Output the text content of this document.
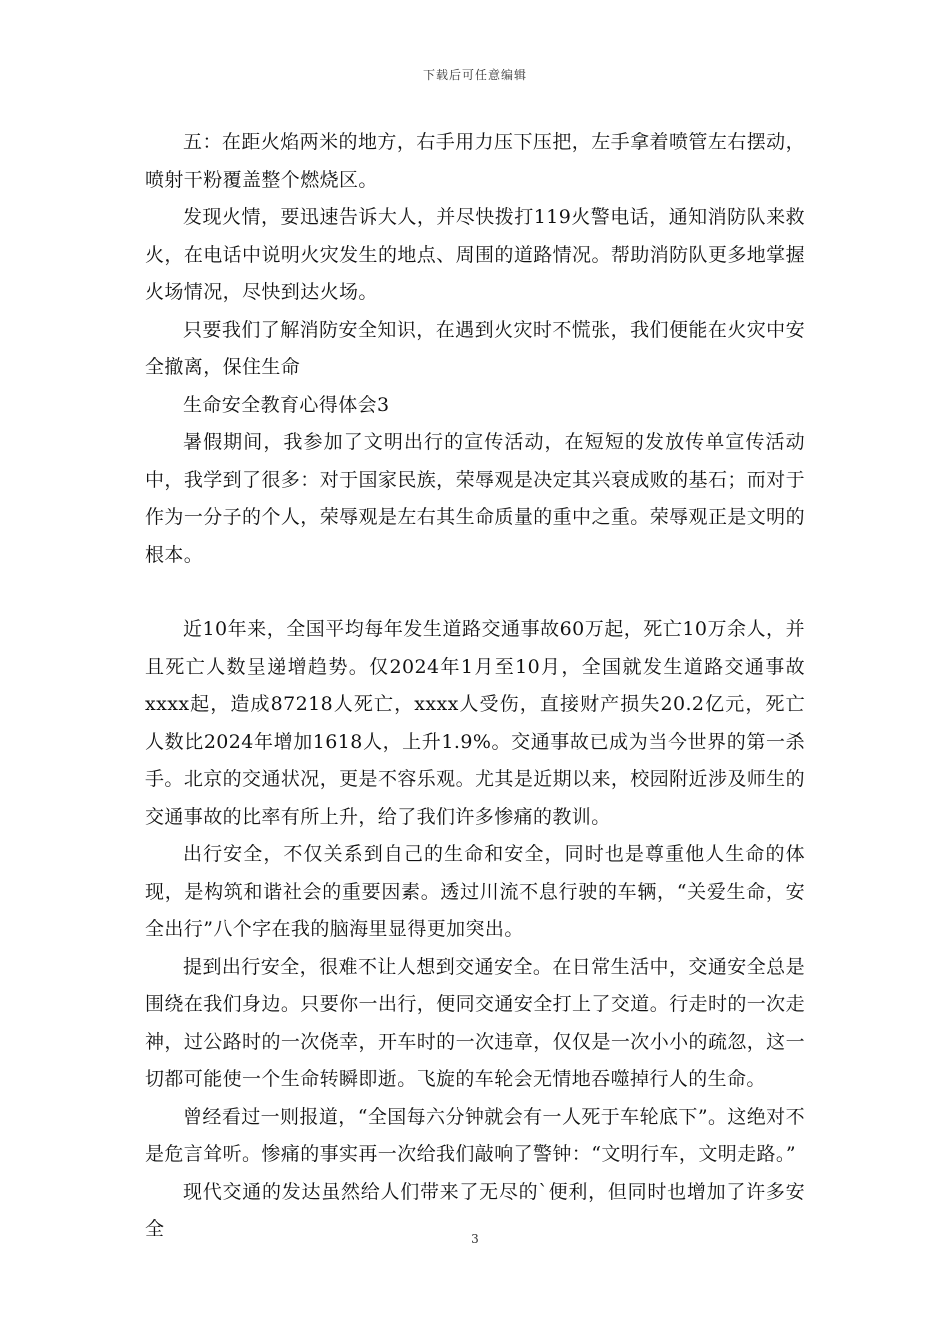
下载后可任意编辑

五：在距火焰两米的地方，右手用力压下压把，左手拿着喷管左右摆动，喷射干粉覆盖整个燃烧区。

发现火情，要迅速告诉大人，并尽快拨打119火警电话，通知消防队来救火，在电话中说明火灾发生的地点、周围的道路情况。帮助消防队更多地掌握火场情况，尽快到达火场。

只要我们了解消防安全知识，在遇到火灾时不慌张，我们便能在火灾中安全撤离，保住生命

生命安全教育心得体会3

暑假期间，我参加了文明出行的宣传活动，在短短的发放传单宣传活动中，我学到了很多：对于国家民族，荣辱观是决定其兴衰成败的基石；而对于作为一分子的个人，荣辱观是左右其生命质量的重中之重。荣辱观正是文明的根本。

近10年来，全国平均每年发生道路交通事故60万起，死亡10万余人，并且死亡人数呈递增趋势。仅2024年1月至10月，全国就发生道路交通事故xxxx起，造成87218人死亡，xxxx人受伤，直接财产损失20.2亿元，死亡人数比2024年增加1618人，上升1.9%。交通事故已成为当今世界的第一杀手。北京的交通状况，更是不容乐观。尤其是近期以来，校园附近涉及师生的交通事故的比率有所上升，给了我们许多惨痛的教训。

出行安全，不仅关系到自己的生命和安全，同时也是尊重他人生命的体现，是构筑和谐社会的重要因素。透过川流不息行驶的车辆，“关爱生命，安全出行”八个字在我的脑海里显得更加突出。

提到出行安全，很难不让人想到交通安全。在日常生活中，交通安全总是围绕在我们身边。只要你一出行，便同交通安全打上了交道。行走时的一次走神，过公路时的一次侥幸，开车时的一次违章，仅仅是一次小小的疏忽，这一切都可能使一个生命转瞬即逝。飞旋的车轮会无情地吞噬掉行人的生命。

曾经看过一则报道，“全国每六分钟就会有一人死于车轮底下”。这绝对不是危言耸听。惨痛的事实再一次给我们敲响了警钟：“文明行车，文明走路。”

现代交通的发达虽然给人们带来了无尽的`便利，但同时也增加了许多安全	3
